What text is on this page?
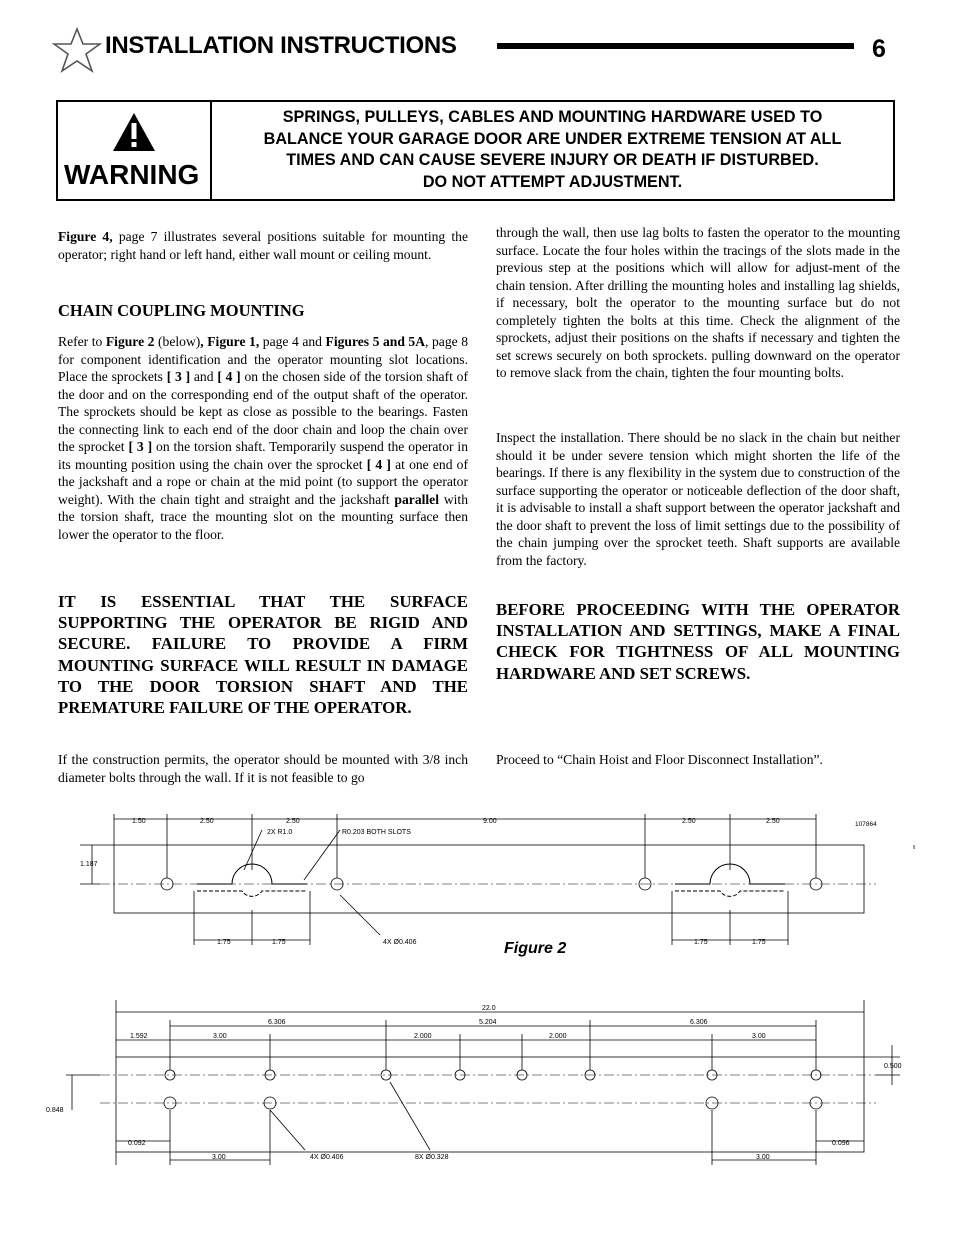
INSTALLATION INSTRUCTIONS	6
WARNING
SPRINGS, PULLEYS, CABLES AND MOUNTING HARDWARE USED TO
BALANCE YOUR GARAGE DOOR ARE UNDER EXTREME TENSION AT ALL
TIMES AND CAN CAUSE SEVERE INJURY OR DEATH IF DISTURBED.
DO NOT ATTEMPT ADJUSTMENT.
Figure 4, page 7 illustrates several positions suitable for mounting the operator; right hand or left hand, either wall mount or ceiling mount.
CHAIN COUPLING MOUNTING
Refer to Figure 2 (below), Figure 1, page 4 and Figures 5 and 5A, page 8 for component identification and the operator mounting slot locations. Place the sprockets [ 3 ] and [ 4 ] on the chosen side of the torsion shaft of the door and on the corresponding end of the output shaft of the operator. The sprockets should be kept as close as possible to the bearings. Fasten the connecting link to each end of the door chain and loop the chain over the sprocket [ 3 ] on the torsion shaft. Temporarily suspend the operator in its mounting position using the chain over the sprocket [ 4 ] at one end of the jackshaft and a rope or chain at the mid point (to support the operator weight). With the chain tight and straight and the jackshaft parallel with the torsion shaft, trace the mounting slot on the mounting surface then lower the operator to the floor.
IT IS ESSENTIAL THAT THE SURFACE SUPPORTING THE OPERATOR BE RIGID AND SECURE. FAILURE TO PROVIDE A FIRM MOUNTING SURFACE WILL RESULT IN DAMAGE TO THE DOOR TORSION SHAFT AND THE PREMATURE FAILURE OF THE OPERATOR.
If the construction permits, the operator should be mounted with 3/8 inch diameter bolts through the wall. If it is not feasible to go
through the wall, then use lag bolts to fasten the operator to the mounting surface. Locate the four holes within the tracings of the slots made in the previous step at the positions which will allow for adjust-ment of the chain tension. After drilling the mounting holes and installing lag shields, if necessary, bolt the operator to the mounting surface but do not completely tighten the bolts at this time. Check the alignment of the sprockets, adjust their positions on the shafts if necessary and tighten the set screws securely on both sprockets. pulling downward on the operator to remove slack from the chain, tighten the four mounting bolts.
Inspect the installation. There should be no slack in the chain but neither should it be under severe tension which might shorten the life of the bearings. If there is any flexibility in the system due to construction of the surface supporting the operator or noticeable deflection of the door shaft, it is advisable to install a shaft support between the operator jackshaft and the door shaft to prevent the loss of limit settings due to the possibility of the chain jumping over the sprocket teeth. Shaft supports are available from the factory.
BEFORE PROCEEDING WITH THE OPERATOR INSTALLATION AND SETTINGS, MAKE A FINAL CHECK FOR TIGHTNESS OF ALL MOUNTING HARDWARE AND SET SCREWS.
Proceed to “Chain Hoist and Floor Disconnect Installation”.
1.50	2.50	2.50	9.00	2.50	2.50	107864
1.187
2X R1.0	R0.203 BOTH SLOTS
4X Ø0.406
1.75	1.75	1.75	1.75
Figure 2
22.0
6.306	5.204	6.306
1.592	3.00	2.000	2.000	3.00
0.500
0.848
0.092	0.096
3.00	3.00
4X Ø0.406	8X Ø0.328
